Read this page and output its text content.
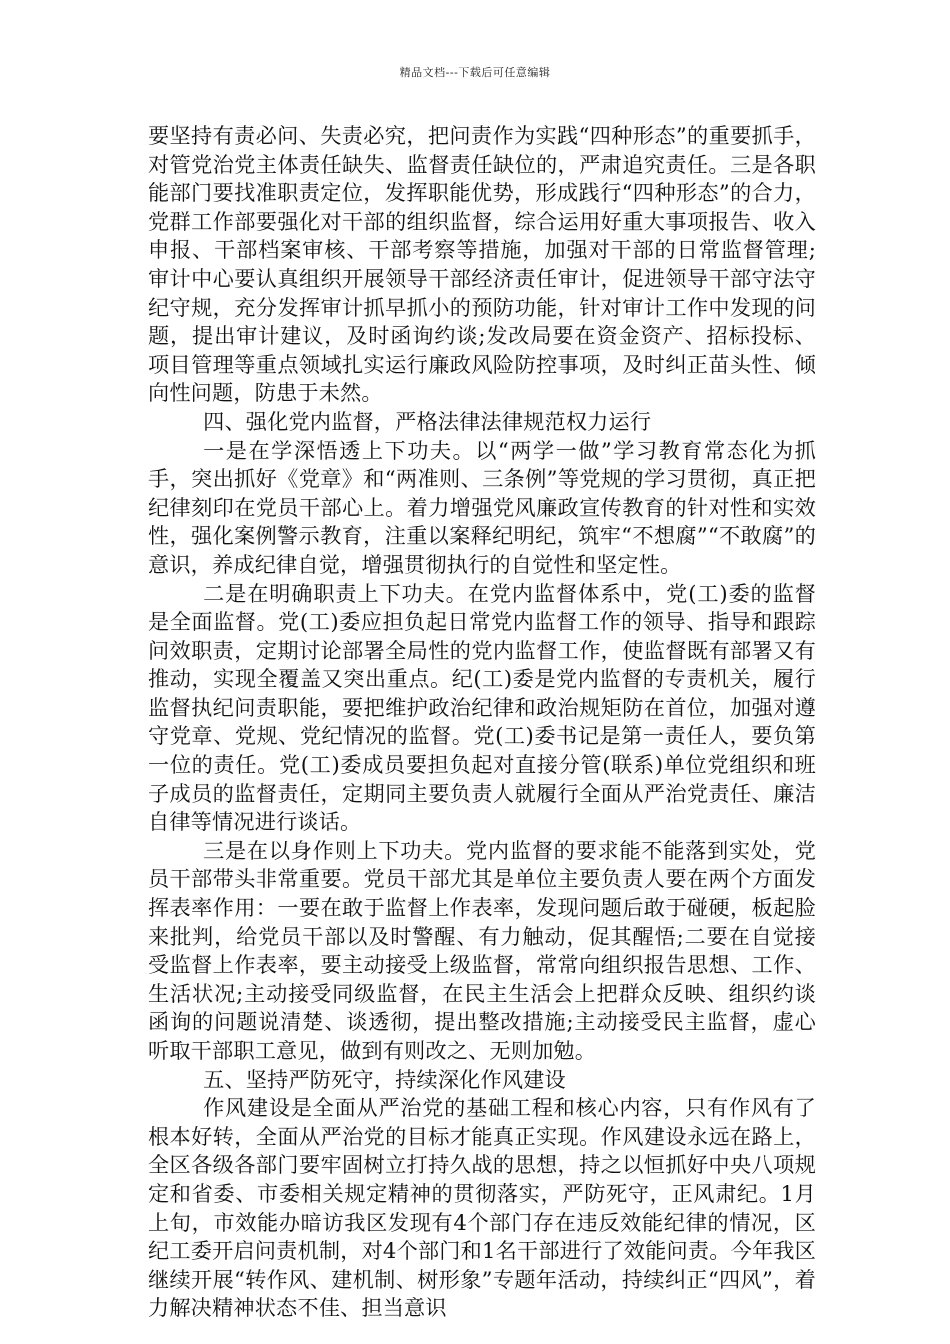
精品文档---下载后可任意编辑

要坚持有责必问、失责必究，把问责作为实践“四种形态”的重要抓手，对管党治党主体责任缺失、监督责任缺位的，严肃追究责任。三是各职能部门要找准职责定位，发挥职能优势，形成践行“四种形态”的合力，党群工作部要强化对干部的组织监督，综合运用好重大事项报告、收入申报、干部档案审核、干部考察等措施，加强对干部的日常监督管理;审计中心要认真组织开展领导干部经济责任审计，促进领导干部守法守纪守规，充分发挥审计抓早抓小的预防功能，针对审计工作中发现的问题，提出审计建议，及时函询约谈;发改局要在资金资产、招标投标、项目管理等重点领域扎实运行廉政风险防控事项，及时纠正苗头性、倾向性问题，防患于未然。

四、强化党内监督，严格法律法律规范权力运行

一是在学深悟透上下功夫。以“两学一做”学习教育常态化为抓手，突出抓好《党章》和“两准则、三条例”等党规的学习贯彻，真正把纪律刻印在党员干部心上。着力增强党风廉政宣传教育的针对性和实效性，强化案例警示教育，注重以案释纪明纪，筑牢“不想腐”“不敢腐”的意识，养成纪律自觉，增强贯彻执行的自觉性和坚定性。

二是在明确职责上下功夫。在党内监督体系中，党(工)委的监督是全面监督。党(工)委应担负起日常党内监督工作的领导、指导和跟踪问效职责，定期讨论部署全局性的党内监督工作，使监督既有部署又有推动，实现全覆盖又突出重点。纪(工)委是党内监督的专责机关，履行监督执纪问责职能，要把维护政治纪律和政治规矩防在首位，加强对遵守党章、党规、党纪情况的监督。党(工)委书记是第一责任人，要负第一位的责任。党(工)委成员要担负起对直接分管(联系)单位党组织和班子成员的监督责任，定期同主要负责人就履行全面从严治党责任、廉洁自律等情况进行谈话。

三是在以身作则上下功夫。党内监督的要求能不能落到实处，党员干部带头非常重要。党员干部尤其是单位主要负责人要在两个方面发挥表率作用：一要在敢于监督上作表率，发现问题后敢于碰硬，板起脸来批判，给党员干部以及时警醒、有力触动，促其醒悟;二要在自觉接受监督上作表率，要主动接受上级监督，常常向组织报告思想、工作、生活状况;主动接受同级监督，在民主生活会上把群众反映、组织约谈函询的问题说清楚、谈透彻，提出整改措施;主动接受民主监督，虚心听取干部职工意见，做到有则改之、无则加勉。

五、坚持严防死守，持续深化作风建设

作风建设是全面从严治党的基础工程和核心内容，只有作风有了根本好转，全面从严治党的目标才能真正实现。作风建设永远在路上，全区各级各部门要牢固树立打持久战的思想，持之以恒抓好中央八项规定和省委、市委相关规定精神的贯彻落实，严防死守，正风肃纪。1月上旬，市效能办暗访我区发现有4个部门存在违反效能纪律的情况，区纪工委开启问责机制，对4个部门和1名干部进行了效能问责。今年我区继续开展“转作风、建机制、树形象”专题年活动，持续纠正“四风”，着力解决精神状态不佳、担当意识
